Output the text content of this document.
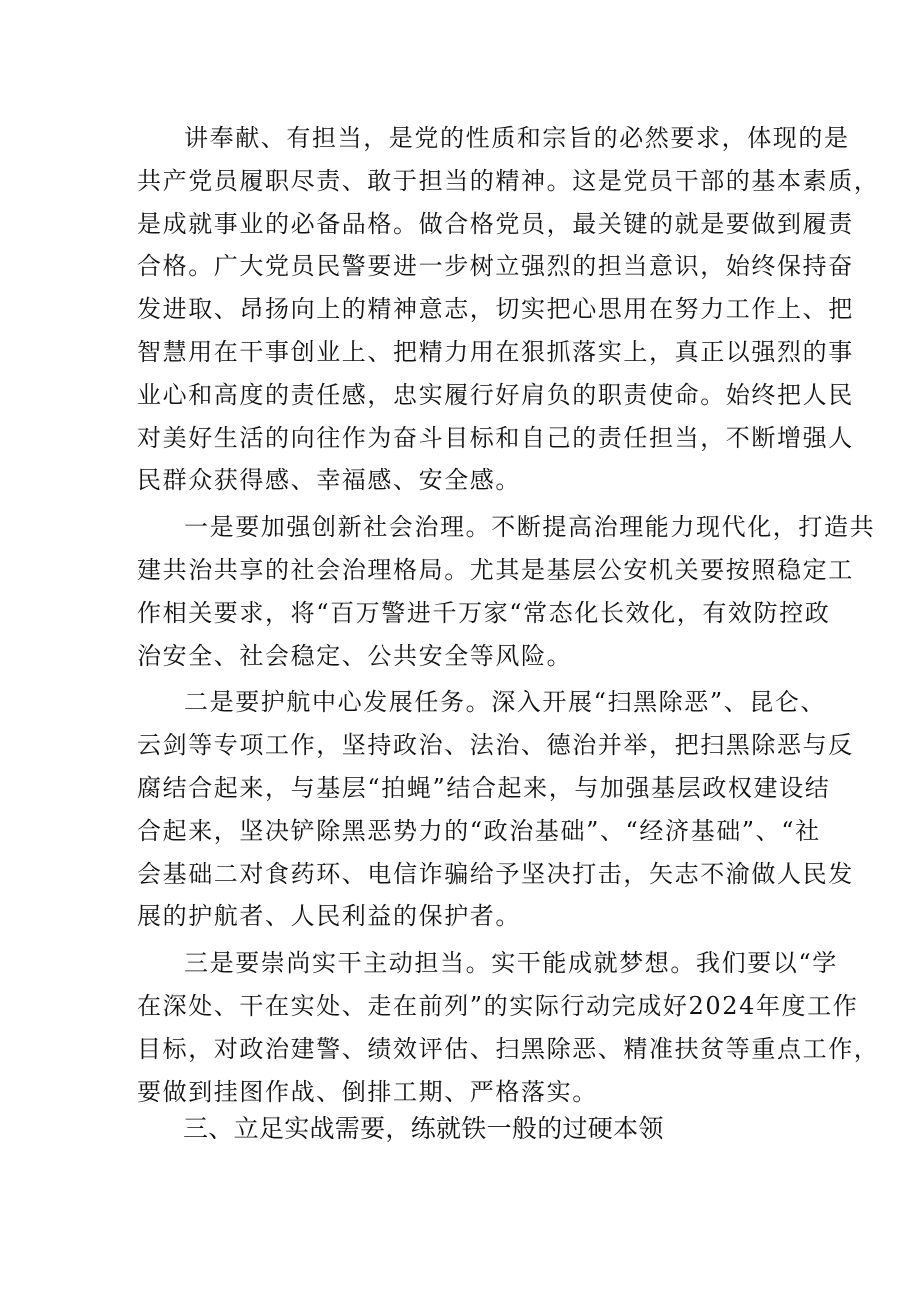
讲奉献、有担当，是党的性质和宗旨的必然要求，体现的是
共产党员履职尽责、敢于担当的精神。这是党员干部的基本素质，
是成就事业的必备品格。做合格党员，最关键的就是要做到履责
合格。广大党员民警要进一步树立强烈的担当意识，始终保持奋
发进取、昂扬向上的精神意志，切实把心思用在努力工作上、把
智慧用在干事创业上、把精力用在狠抓落实上，真正以强烈的事
业心和高度的责任感，忠实履行好肩负的职责使命。始终把人民
对美好生活的向往作为奋斗目标和自己的责任担当，不断增强人
民群众获得感、幸福感、安全感。
一是要加强创新社会治理。不断提高治理能力现代化，打造共
建共治共享的社会治理格局。尤其是基层公安机关要按照稳定工
作相关要求，将“百万警进千万家“常态化长效化，有效防控政
治安全、社会稳定、公共安全等风险。
二是要护航中心发展任务。深入开展“扫黑除恶”、昆仑、
云剑等专项工作，坚持政治、法治、德治并举，把扫黑除恶与反
腐结合起来，与基层“拍蝇”结合起来，与加强基层政权建设结
合起来，坚决铲除黑恶势力的“政治基础”、“经济基础”、“社
会基础二对食药环、电信诈骗给予坚决打击，矢志不渝做人民发
展的护航者、人民利益的保护者。
三是要崇尚实干主动担当。实干能成就梦想。我们要以“学
在深处、干在实处、走在前列”的实际行动完成好2024年度工作
目标，对政治建警、绩效评估、扫黑除恶、精准扶贫等重点工作，
要做到挂图作战、倒排工期、严格落实。
三、立足实战需要，练就铁一般的过硬本领
